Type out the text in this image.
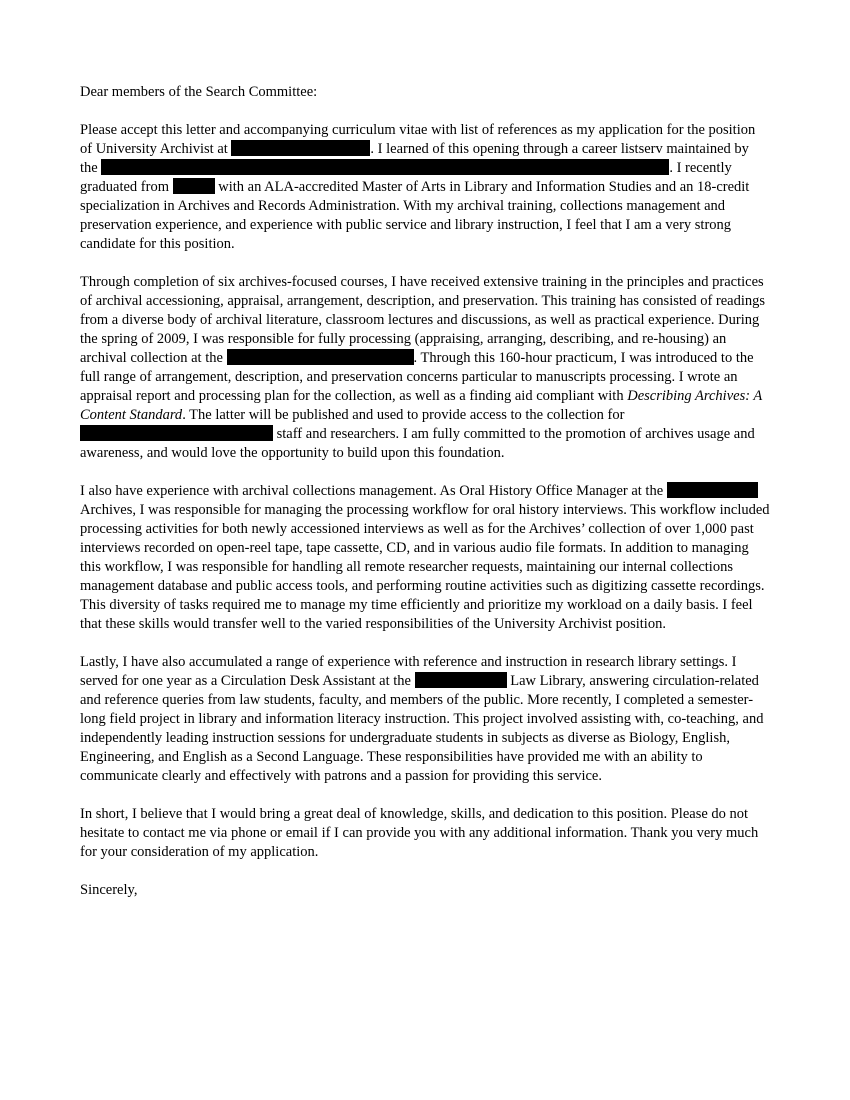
Dear members of the Search Committee:

Please accept this letter and accompanying curriculum vitae with list of references as my application for the position of University Archivist at	. I learned of this opening through a career listserv maintained by the	. I recently graduated from	with an ALA-accredited Master of Arts in Library and Information Studies and an 18-credit specialization in Archives and Records Administration. With my archival training, collections management and preservation experience, and experience with public service and library instruction, I feel that I am a very strong candidate for this position.

Through completion of six archives-focused courses, I have received extensive training in the principles and practices of archival accessioning, appraisal, arrangement, description, and preservation. This training has consisted of readings from a diverse body of archival literature, classroom lectures and discussions, as well as practical experience. During the spring of 2009, I was responsible for fully processing (appraising, arranging, describing, and re-housing) an archival collection at the	. Through this 160-hour practicum, I was introduced to the full range of arrangement, description, and preservation concerns particular to manuscripts processing. I wrote an appraisal report and processing plan for the collection, as well as a finding aid compliant with Describing Archives: A Content Standard. The latter will be published and used to provide access to the collection for  staff and researchers. I am fully committed to the promotion of archives usage and awareness, and would love the opportunity to build upon this foundation.

I also have experience with archival collections management. As Oral History Office Manager at the  Archives, I was responsible for managing the processing workflow for oral history interviews. This workflow included processing activities for both newly accessioned interviews as well as for the Archives’ collection of over 1,000 past interviews recorded on open-reel tape, tape cassette, CD, and in various audio file formats. In addition to managing this workflow, I was responsible for handling all remote researcher requests, maintaining our internal collections management database and public access tools, and performing routine activities such as digitizing cassette recordings. This diversity of tasks required me to manage my time efficiently and prioritize my workload on a daily basis. I feel that these skills would transfer well to the varied responsibilities of the University Archivist position.

Lastly, I have also accumulated a range of experience with reference and instruction in research library settings. I served for one year as a Circulation Desk Assistant at the	Law Library, answering circulation-related and reference queries from law students, faculty, and members of the public. More recently, I completed a semester-long field project in library and information literacy instruction. This project involved assisting with, co-teaching, and independently leading instruction sessions for undergraduate students in subjects as diverse as Biology, English, Engineering, and English as a Second Language. These responsibilities have provided me with an ability to communicate clearly and effectively with patrons and a passion for providing this service.

In short, I believe that I would bring a great deal of knowledge, skills, and dedication to this position. Please do not hesitate to contact me via phone or email if I can provide you with any additional information. Thank you very much for your consideration of my application.

Sincerely,
